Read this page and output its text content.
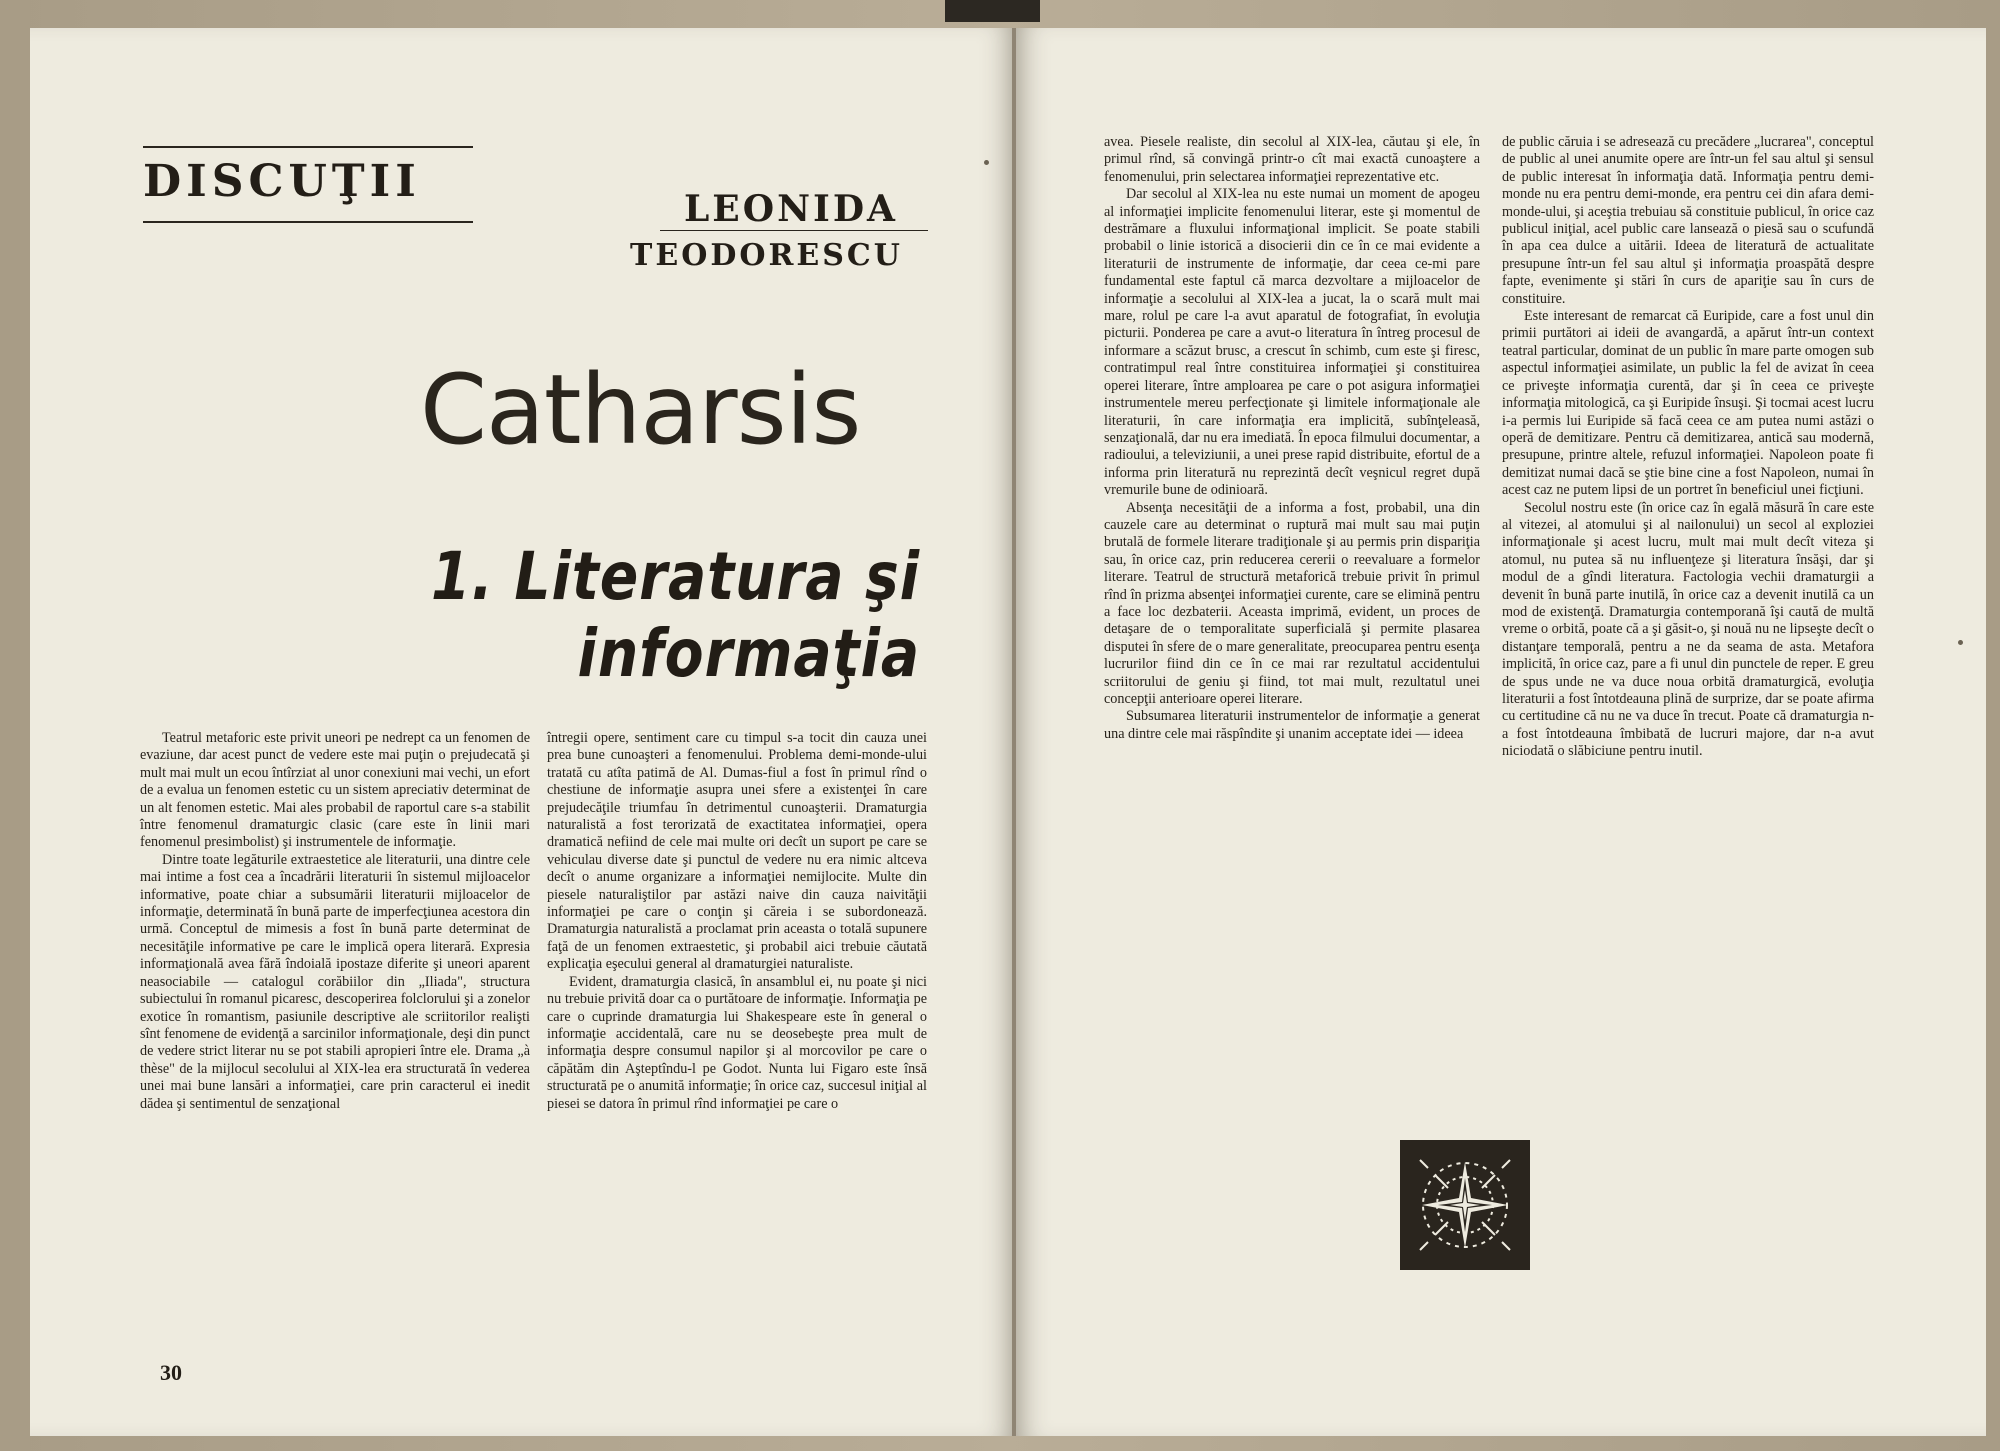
DISCUŢII
LEONIDA
TEODORESCU
Catharsis
1. Literatura şi informaţia

Teatrul metaforic este privit uneori pe nedrept ca un fenomen de evaziune, dar acest punct de vedere este mai puţin o prejudecată şi mult mai mult un ecou întîrziat al unor conexiuni mai vechi, un efort de a evalua un fenomen estetic cu un sistem apreciativ determinat de un alt fenomen estetic. Mai ales probabil de raportul care s-a stabilit între fenomenul dramaturgic clasic (care este în linii mari fenomenul presimbolist) şi instrumentele de informaţie.

Dintre toate legăturile extraestetice ale literaturii, una dintre cele mai intime a fost cea a încadrării literaturii în sistemul mijloacelor informative, poate chiar a subsumării literaturii mijloacelor de informaţie, determinată în bună parte de imperfecţiunea acestora din urmă. Conceptul de mimesis a fost în bună parte determinat de necesităţile informative pe care le implică opera literară. Expresia informaţională avea fără îndoială ipostaze diferite şi uneori aparent neasociabile — catalogul corăbiilor din „Iliada", structura subiectului în romanul picaresc, descoperirea folclorului şi a zonelor exotice în romantism, pasiunile descriptive ale scriitorilor realişti sînt fenomene de evidenţă a sarcinilor informaţionale, deşi din punct de vedere strict literar nu se pot stabili apropieri între ele. Drama „à thèse" de la mijlocul secolului al XIX-lea era structurată în vederea unei mai bune lansări a informaţiei, care prin caracterul ei inedit dădea şi sentimentul de senzaţional

întregii opere, sentiment care cu timpul s-a tocit din cauza unei prea bune cunoaşteri a fenomenului. Problema demi-monde-ului tratată cu atîta patimă de Al. Dumas-fiul a fost în primul rînd o chestiune de informaţie asupra unei sfere a existenţei în care prejudecăţile triumfau în detrimentul cunoaşterii. Dramaturgia naturalistă a fost terorizată de exactitatea informaţiei, opera dramatică nefiind de cele mai multe ori decît un suport pe care se vehiculau diverse date şi punctul de vedere nu era nimic altceva decît o anume organizare a informaţiei nemijlocite. Multe din piesele naturaliştilor par astăzi naive din cauza naivităţii informaţiei pe care o conţin şi căreia i se subordonează. Dramaturgia naturalistă a proclamat prin aceasta o totală supunere faţă de un fenomen extraestetic, şi probabil aici trebuie căutată explicaţia eşecului general al dramaturgiei naturaliste.

Evident, dramaturgia clasică, în ansamblul ei, nu poate şi nici nu trebuie privită doar ca o purtătoare de informaţie. Informaţia pe care o cuprinde dramaturgia lui Shakespeare este în general o informaţie accidentală, care nu se deosebeşte prea mult de informaţia despre consumul napilor şi al morcovilor pe care o căpătăm din Aşteptîndu-l pe Godot. Nunta lui Figaro este însă structurată pe o anumită informaţie; în orice caz, succesul iniţial al piesei se datora în primul rînd informaţiei pe care o

30

avea. Piesele realiste, din secolul al XIX-lea, căutau şi ele, în primul rînd, să convingă printr-o cît mai exactă cunoaştere a fenomenului, prin selectarea informaţiei reprezentative etc.

Dar secolul al XIX-lea nu este numai un moment de apogeu al informaţiei implicite fenomenului literar, este şi momentul de destrămare a fluxului informaţional implicit. Se poate stabili probabil o linie istorică a disocierii din ce în ce mai evidente a literaturii de instrumente de informaţie, dar ceea ce-mi pare fundamental este faptul că marca dezvoltare a mijloacelor de informaţie a secolului al XIX-lea a jucat, la o scară mult mai mare, rolul pe care l-a avut aparatul de fotografiat, în evoluţia picturii. Ponderea pe care a avut-o literatura în întreg procesul de informare a scăzut brusc, a crescut în schimb, cum este şi firesc, contratimpul real între constituirea informaţiei şi constituirea operei literare, între amploarea pe care o pot asigura informaţiei instrumentele mereu perfecţionate şi limitele informaţionale ale literaturii, în care informaţia era implicită, subînţeleasă, senzaţională, dar nu era imediată. În epoca filmului documentar, a radioului, a televiziunii, a unei prese rapid distribuite, efortul de a informa prin literatură nu reprezintă decît veşnicul regret după vremurile bune de odinioară.

Absenţa necesităţii de a informa a fost, probabil, una din cauzele care au determinat o ruptură mai mult sau mai puţin brutală de formele literare tradiţionale şi au permis prin dispariţia sau, în orice caz, prin reducerea cererii o reevaluare a formelor literare. Teatrul de structură metaforică trebuie privit în primul rînd în prizma absenţei informaţiei curente, care se elimină pentru a face loc dezbaterii. Aceasta imprimă, evident, un proces de detaşare de o temporalitate superficială şi permite plasarea disputei în sfere de o mare generalitate, preocuparea pentru esenţa lucrurilor fiind din ce în ce mai rar rezultatul accidentului scriitorului de geniu şi fiind, tot mai mult, rezultatul unei concepţii anterioare operei literare.

Subsumarea literaturii instrumentelor de informaţie a generat una dintre cele mai răspîndite şi unanim acceptate idei — ideea

de public căruia i se adresează cu precădere „lucrarea", conceptul de public al unei anumite opere are într-un fel sau altul şi sensul de public interesat în informaţia dată. Informaţia pentru demi-monde nu era pentru demi-monde, era pentru cei din afara demi-monde-ului, şi aceştia trebuiau să constituie publicul, în orice caz publicul iniţial, acel public care lansează o piesă sau o scufundă în apa cea dulce a uitării. Ideea de literatură de actualitate presupune într-un fel sau altul şi informaţia proaspătă despre fapte, evenimente şi stări în curs de apariţie sau în curs de constituire.

Este interesant de remarcat că Euripide, care a fost unul din primii purtători ai ideii de avangardă, a apărut într-un context teatral particular, dominat de un public în mare parte omogen sub aspectul informaţiei asimilate, un public la fel de avizat în ceea ce priveşte informaţia curentă, dar şi în ceea ce priveşte informaţia mitologică, ca şi Euripide însuşi. Şi tocmai acest lucru i-a permis lui Euripide să facă ceea ce am putea numi astăzi o operă de demitizare. Pentru că demitizarea, antică sau modernă, presupune, printre altele, refuzul informaţiei. Napoleon poate fi demitizat numai dacă se ştie bine cine a fost Napoleon, numai în acest caz ne putem lipsi de un portret în beneficiul unei ficţiuni.

Secolul nostru este (în orice caz în egală măsură în care este al vitezei, al atomului şi al nailonului) un secol al exploziei informaţionale şi acest lucru, mult mai mult decît viteza şi atomul, nu putea să nu influenţeze şi literatura însăşi, dar şi modul de a gîndi literatura. Factologia vechii dramaturgii a devenit în bună parte inutilă, în orice caz a devenit inutilă ca un mod de existenţă. Dramaturgia contemporană îşi caută de multă vreme o orbită, poate că a şi găsit-o, şi nouă nu ne lipseşte decît o distanţare temporală, pentru a ne da seama de asta. Metafora implicită, în orice caz, pare a fi unul din punctele de reper. E greu de spus unde ne va duce noua orbită dramaturgică, evoluţia literaturii a fost întotdeauna plină de surprize, dar se poate afirma cu certitudine că nu ne va duce în trecut. Poate că dramaturgia n-a fost întotdeauna îmbibată de lucruri majore, dar n-a avut niciodată o slăbiciune pentru inutil.
